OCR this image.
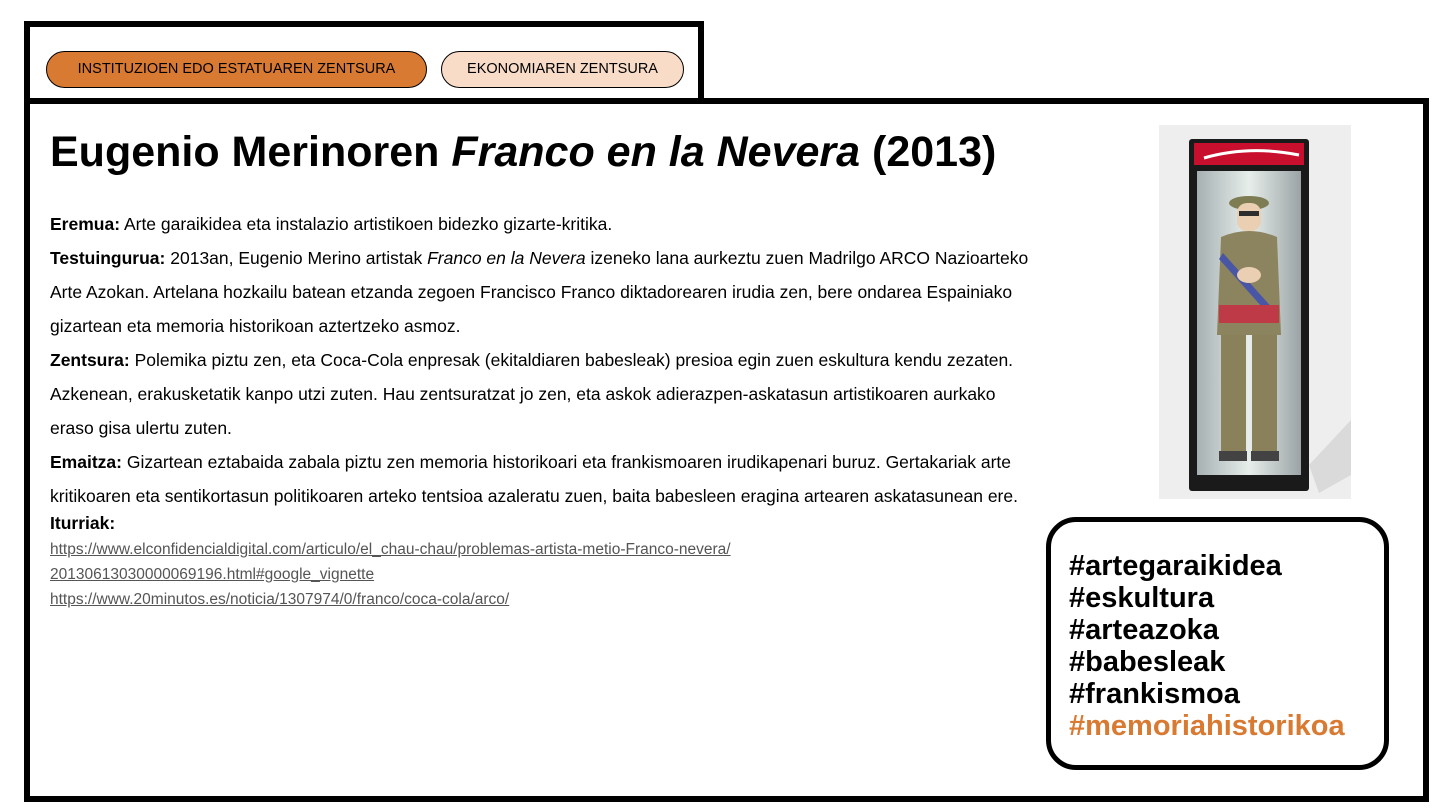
INSTITUZIOEN EDO ESTATUAREN ZENTSURA	EKONOMIAREN ZENTSURA
Eugenio Merinoren Franco en la Nevera (2013)

Eremua: Arte garaikidea eta instalazio artistikoen bidezko gizarte-kritika.

Testuingurua: 2013an, Eugenio Merino artistak Franco en la Nevera izeneko lana aurkeztu zuen Madrilgo ARCO Nazioarteko Arte Azokan. Artelana hozkailu batean etzanda zegoen Francisco Franco diktadorearen irudia zen, bere ondarea Espainiako gizartean eta memoria historikoan aztertzeko asmoz.

Zentsura: Polemika piztu zen, eta Coca-Cola enpresak (ekitaldiaren babesleak) presioa egin zuen eskultura kendu zezaten. Azkenean, erakusketatik kanpo utzi zuten. Hau zentsuratzat jo zen, eta askok adierazpen-askatasun artistikoaren aurkako eraso gisa ulertu zuten.

Emaitza: Gizartean eztabaida zabala piztu zen memoria historikoari eta frankismoaren irudikapenari buruz. Gertakariak arte kritikoaren eta sentikortasun politikoaren arteko tentsioa azaleratu zuen, baita babesleen eragina artearen askatasunean ere.

Iturriak:
https://www.elconfidencialdigital.com/articulo/el_chau-chau/problemas-artista-metio-Franco-nevera/
20130613030000069196.html#google_vignette
https://www.20minutos.es/noticia/1307974/0/franco/coca-cola/arco/
#artegaraikidea
#eskultura
#arteazoka
#babesleak
#frankismoa
#memoriahistorikoa
